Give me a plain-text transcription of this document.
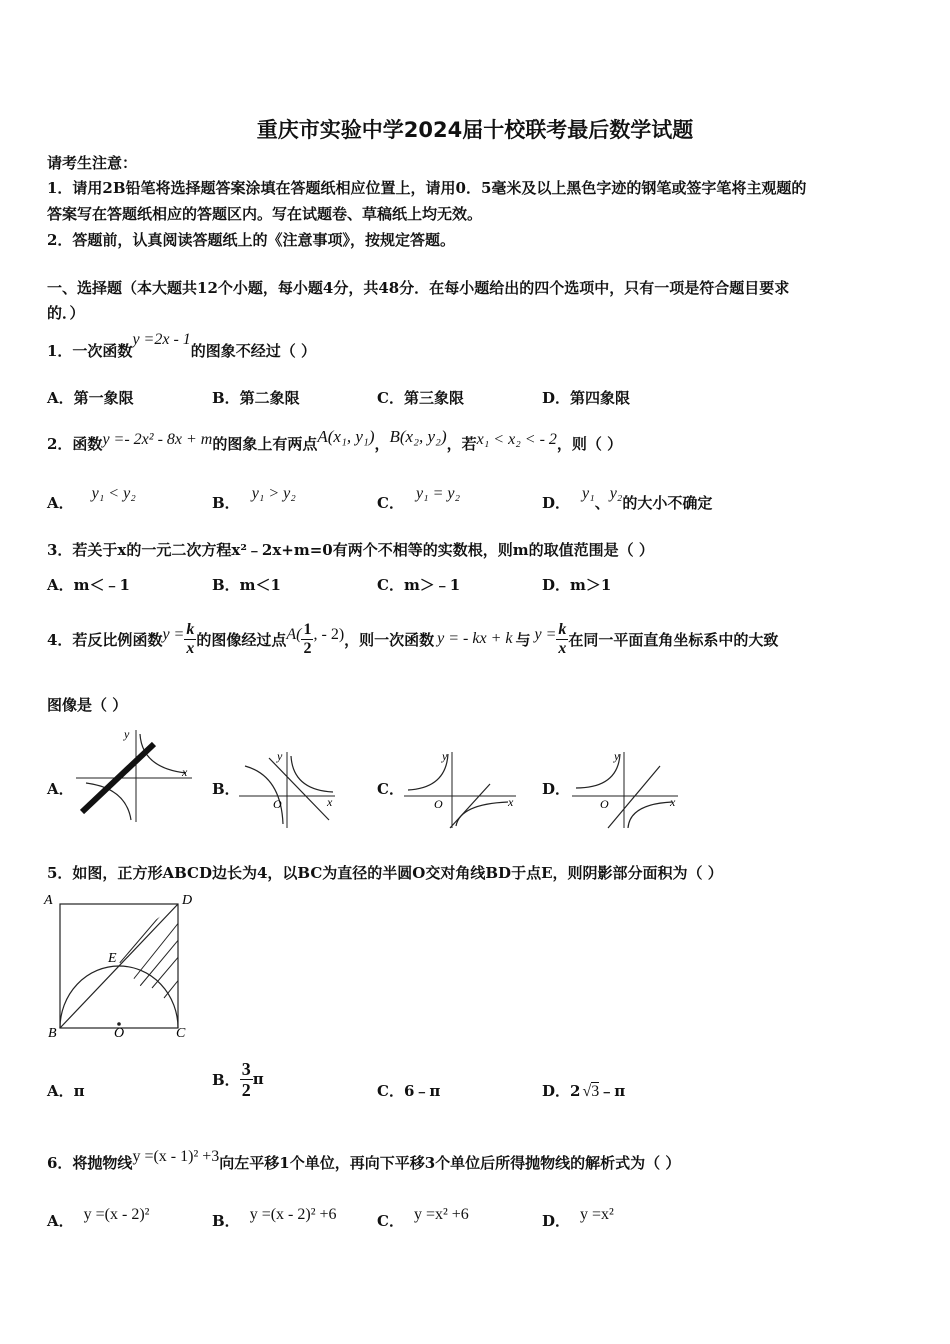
重庆市实验中学2024届十校联考最后数学试题
请考生注意：
1．请用2B铅笔将选择题答案涂填在答题纸相应位置上，请用0．5毫米及以上黑色字迹的钢笔或签字笔将主观题的
答案写在答题纸相应的答题区内。写在试题卷、草稿纸上均无效。
2．答题前，认真阅读答题纸上的《注意事项》，按规定答题。
一、选择题（本大题共12个小题，每小题4分，共48分．在每小题给出的四个选项中，只有一项是符合题目要求
的．）
1．一次函数y =2x - 1的图象不经过（ ）
A．第一象限	B．第二象限	C．第三象限	D．第四象限
2．函数y =- 2x² - 8x + m的图象上有两点A(x₁, y₁)，B(x₂, y₂)，若x₁ < x₂ < - 2，则（ ）
A．y₁ < y₂
B．y₁ > y₂
C．y₁ = y₂
D．y₁、y₂的大小不确定
3．若关于x的一元二次方程x²﹣2x+m=0有两个不相等的实数根，则m的取值范围是（ ）
A．m＜﹣1	B．m＜1	C．m＞﹣1	D．m＞1
4．若反比例函数 $y = \frac{k}{x}$ 的图像经过点 $A( \frac{1}{2}$ , - 2) ，则一次函数 y = - kx + k 与 $y = \frac{k}{x}$ 在同一平面直角坐标系中的大致
图像是（ ）
A．
x
y
B．
x
y
O
C．
x
y
O
D．
x
y
O
5．如图，正方形ABCD边长为4，以BC为直径的半圆O交对角线BD于点E，则阴影部分面积为（ ）
A	D
E
B	O	C
A．π
B． $\frac{3}{2}$ π
C．6﹣π	D．2 √3﹣π
6．将抛物线y =(x - 1)² +3向左平移1个单位，再向下平移3个单位后所得抛物线的解析式为（ ）
A． y =(x - 2)²	B． y =(x - 2)² +6	C． y =x² +6	D． y =x²
